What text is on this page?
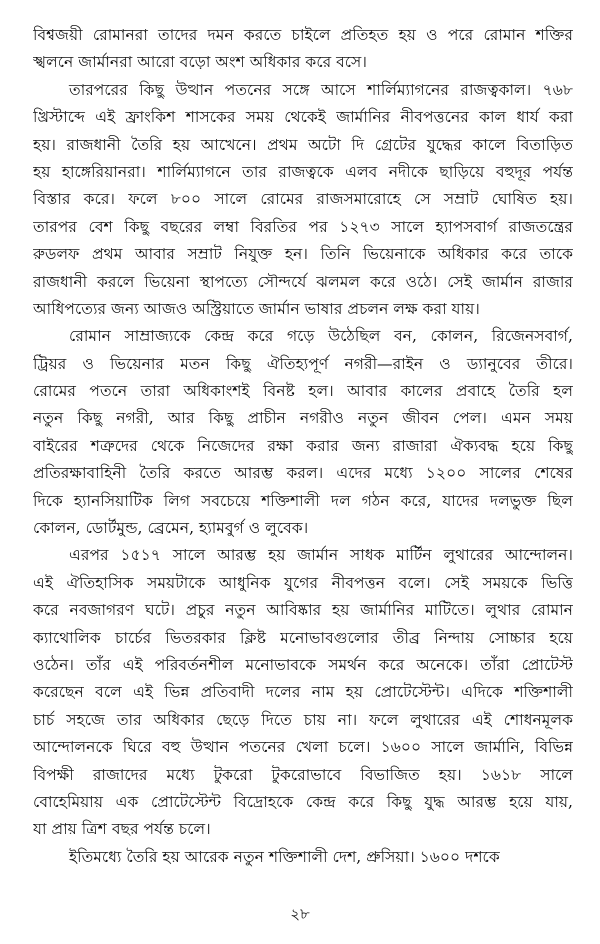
বিশ্বজয়ী রোমানরা তাদের দমন করতে চাইলে প্রতিহত হয় ও পরে রোমান শক্তির
স্খলনে জার্মানরা আরো বড়ো অংশ অধিকার করে বসে।
তারপরের কিছু উত্থান পতনের সঙ্গে আসে শার্লিম্যাগনের রাজত্বকাল। ৭৬৮
খ্রিস্টাব্দে এই ফ্রাংকিশ শাসকের সময় থেকেই জার্মানির নীবপত্তনের কাল ধার্য করা
হয়। রাজধানী তৈরি হয় আখেনে। প্রথম অটো দি গ্রেটের যুদ্ধের কালে বিতাড়িত
হয় হাঙ্গেরিয়ানরা। শার্লিম্যাগনে তার রাজত্বকে এলব নদীকে ছাড়িয়ে বহুদূর পর্যন্ত
বিস্তার করে। ফলে ৮০০ সালে রোমের রাজসমারোহে সে সম্রাট ঘোষিত হয়।
তারপর বেশ কিছু বছরের লম্বা বিরতির পর ১২৭৩ সালে হ্যাপসবার্গ রাজতন্ত্রের
রুডলফ প্রথম আবার সম্রাট নিযুক্ত হন। তিনি ভিয়েনাকে অধিকার করে তাকে
রাজধানী করলে ভিয়েনা স্থাপত্যে সৌন্দর্যে ঝলমল করে ওঠে। সেই জার্মান রাজার
আধিপত্যের জন্য আজও অস্ট্রিয়াতে জার্মান ভাষার প্রচলন লক্ষ করা যায়।
রোমান সাম্রাজ্যকে কেন্দ্র করে গড়ে উঠেছিল বন, কোলন, রিজেনসবার্গ,
ট্রিয়র ও ভিয়েনার মতন কিছু ঐতিহ্যপূর্ণ নগরী—রাইন ও ড্যানুবের তীরে।
রোমের পতনে তারা অধিকাংশই বিনষ্ট হল। আবার কালের প্রবাহে তৈরি হল
নতুন কিছু নগরী, আর কিছু প্রাচীন নগরীও নতুন জীবন পেল। এমন সময়
বাইরের শত্রুদের থেকে নিজেদের রক্ষা করার জন্য রাজারা ঐক্যবদ্ধ হয়ে কিছু
প্রতিরক্ষাবাহিনী তৈরি করতে আরম্ভ করল। এদের মধ্যে ১২০০ সালের শেষের
দিকে হ্যানসিয়াটিক লিগ সবচেয়ে শক্তিশালী দল গঠন করে, যাদের দলভুক্ত ছিল
কোলন, ডোর্টমুন্ড, ব্রেমেন, হ্যামবুর্গ ও লুবেক।
এরপর ১৫১৭ সালে আরম্ভ হয় জার্মান সাধক মার্টিন লুথারের আন্দোলন।
এই ঐতিহাসিক সময়টাকে আধুনিক যুগের নীবপত্তন বলে। সেই সময়কে ভিত্তি
করে নবজাগরণ ঘটে। প্রচুর নতুন আবিষ্কার হয় জার্মানির মাটিতে। লুথার রোমান
ক্যাথোলিক চার্চের ভিতরকার ক্লিষ্ট মনোভাবগুলোর তীব্র নিন্দায় সোচ্চার হয়ে
ওঠেন। তাঁর এই পরিবর্তনশীল মনোভাবকে সমর্থন করে অনেকে। তাঁরা প্রোটেস্ট
করেছেন বলে এই ভিন্ন প্রতিবাদী দলের নাম হয় প্রোটেস্টেন্ট। এদিকে শক্তিশালী
চার্চ সহজে তার অধিকার ছেড়ে দিতে চায় না। ফলে লুথারের এই শোধনমূলক
আন্দোলনকে ঘিরে বহু উত্থান পতনের খেলা চলে। ১৬০০ সালে জার্মানি, বিভিন্ন
বিপক্ষী রাজাদের মধ্যে টুকরো টুকরোভাবে বিভাজিত হয়। ১৬১৮ সালে
বোহেমিয়ায় এক প্রোটেস্টেন্ট বিদ্রোহকে কেন্দ্র করে কিছু যুদ্ধ আরম্ভ হয়ে যায়,
যা প্রায় ত্রিশ বছর পর্যন্ত চলে।
ইতিমধ্যে তৈরি হয় আরেক নতুন শক্তিশালী দেশ, প্রুসিয়া। ১৬০০ দশকে
২৮
